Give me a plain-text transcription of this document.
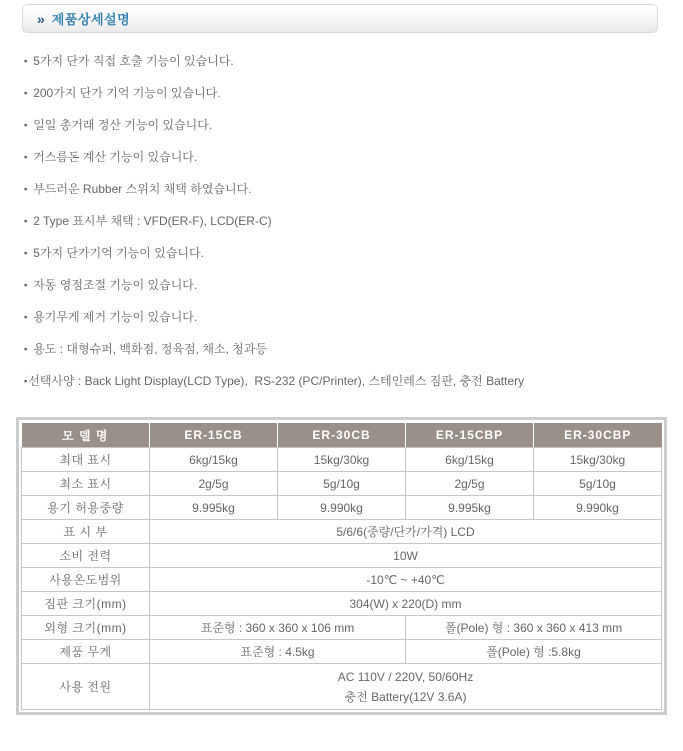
» 제품상세설명
▪ 5가지 단가 직접 호출 기능이 있습니다.
▪ 200가지 단가 기억 기능이 있습니다.
▪ 일일 총거래 정산 기능이 있습니다.
▪ 거스름돈 계산 기능이 있습니다.
▪ 부드러운 Rubber 스위치 채택 하였습니다.
▪ 2 Type 표시부 채택 : VFD(ER-F), LCD(ER-C)
▪ 5가지 단가기억 기능이 있습니다.
▪ 자동 영점조절 기능이 있습니다.
▪ 용기무게 제거 기능이 있습니다.
▪ 용도 : 대형슈퍼, 백화점, 정육점, 채소, 청과등
▪선택사양 : Back Light Display(LCD Type),  RS-232 (PC/Printer), 스테인레스 짐판, 충전 Battery
모 델 명	ER-15CB	ER-30CB	ER-15CBP	ER-30CBP
최대 표시	6kg/15kg	15kg/30kg	6kg/15kg	15kg/30kg
최소 표시	2g/5g	5g/10g	2g/5g	5g/10g
용기 허용중량	9.995kg	9.990kg	9.995kg	9.990kg
표 시 부	5/6/6(중량/단가/가격) LCD			
소비 전력	10W			
사용온도범위	-10℃ ~ +40℃			
짐판 크기(mm)	304(W) x 220(D) mm			
외형 크기(mm)	표준형 : 360 x 360 x 106 mm		폴(Pole) 형 : 360 x 360 x 413 mm	
제품 무게	표준형 : 4.5kg		폴(Pole) 형 :5.8kg	
사용 전원	AC 110V / 220V, 50/60Hz
충전 Battery(12V 3.6A)			
